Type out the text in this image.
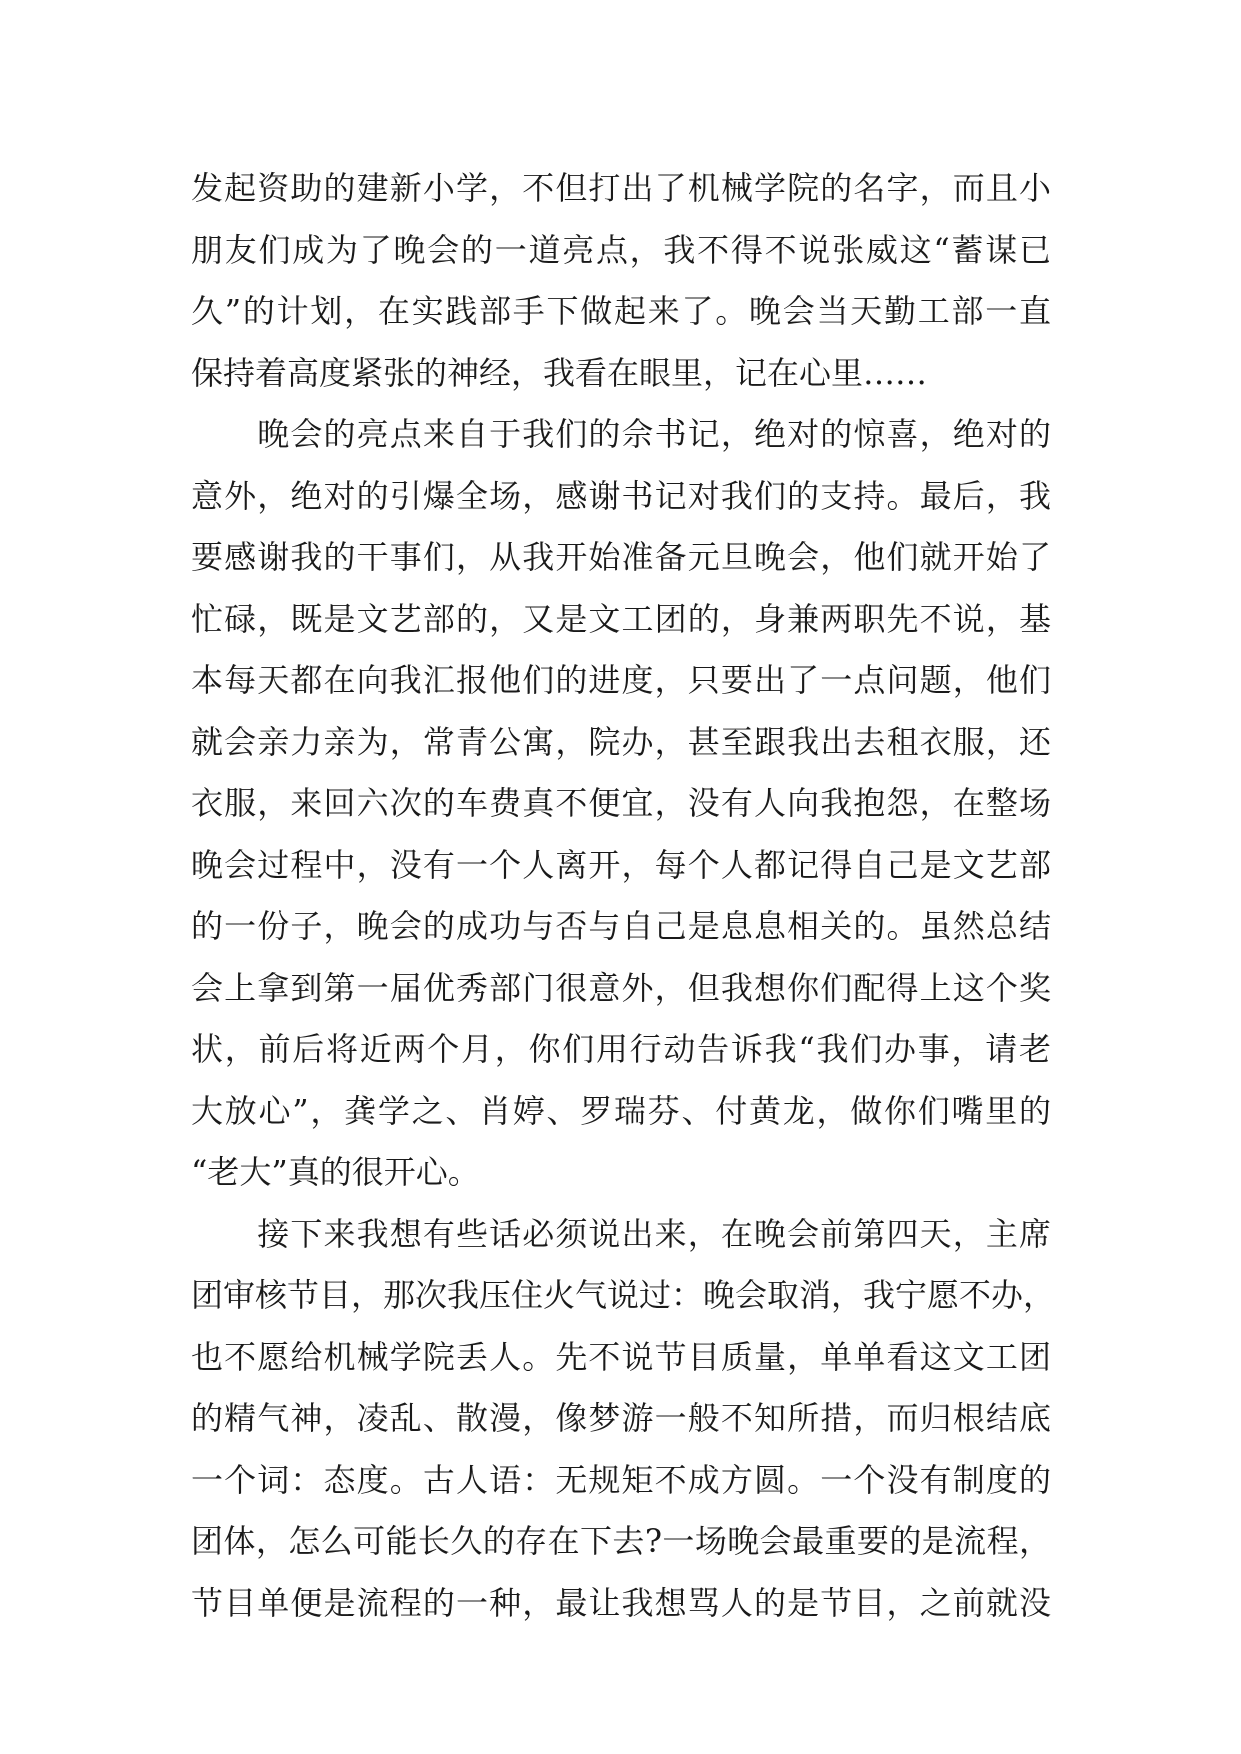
发起资助的建新小学，不但打出了机械学院的名字，而且小
朋友们成为了晚会的一道亮点，我不得不说张威这“蓄谋已
久”的计划，在实践部手下做起来了。晚会当天勤工部一直
保持着高度紧张的神经，我看在眼里，记在心里……
　　晚会的亮点来自于我们的佘书记，绝对的惊喜，绝对的
意外，绝对的引爆全场，感谢书记对我们的支持。最后，我
要感谢我的干事们，从我开始准备元旦晚会，他们就开始了
忙碌，既是文艺部的，又是文工团的，身兼两职先不说，基
本每天都在向我汇报他们的进度，只要出了一点问题，他们
就会亲力亲为，常青公寓，院办，甚至跟我出去租衣服，还
衣服，来回六次的车费真不便宜，没有人向我抱怨，在整场
晚会过程中，没有一个人离开，每个人都记得自己是文艺部
的一份子，晚会的成功与否与自己是息息相关的。虽然总结
会上拿到第一届优秀部门很意外，但我想你们配得上这个奖
状，前后将近两个月，你们用行动告诉我“我们办事，请老
大放心”，龚学之、肖婷、罗瑞芬、付黄龙，做你们嘴里的
“老大”真的很开心。
　　接下来我想有些话必须说出来，在晚会前第四天，主席
团审核节目，那次我压住火气说过：晚会取消，我宁愿不办，
也不愿给机械学院丢人。先不说节目质量，单单看这文工团
的精气神，凌乱、散漫，像梦游一般不知所措，而归根结底
一个词：态度。古人语：无规矩不成方圆。一个没有制度的
团体，怎么可能长久的存在下去?一场晚会最重要的是流程，
节目单便是流程的一种，最让我想骂人的是节目，之前就没
